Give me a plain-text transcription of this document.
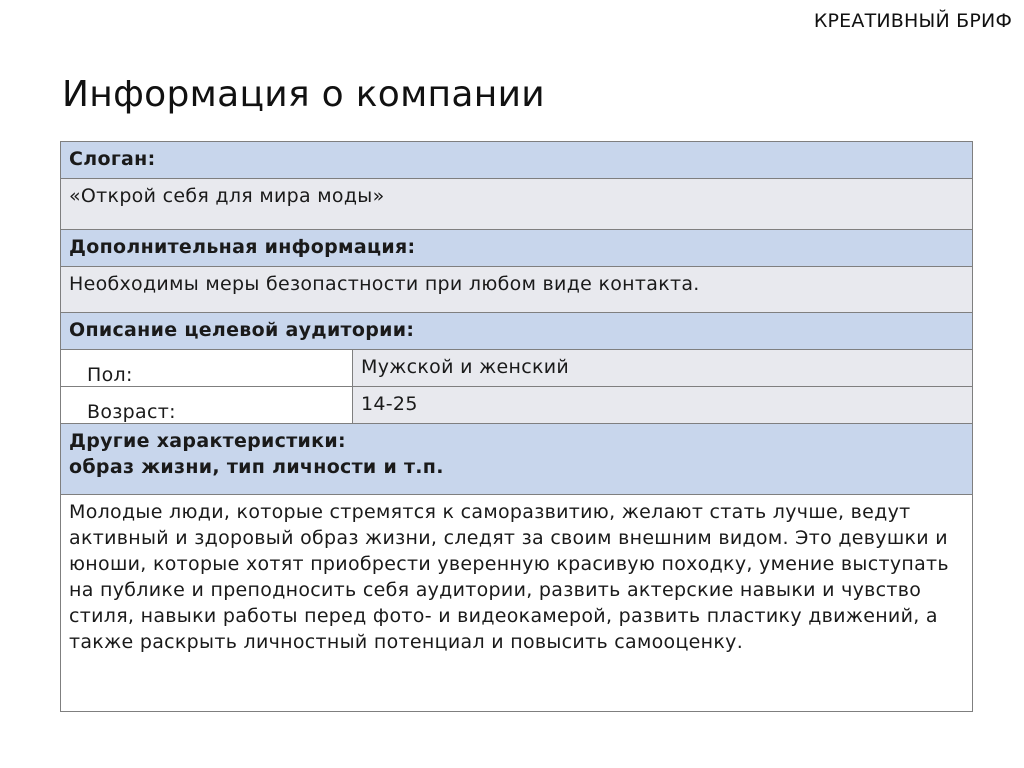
КРЕАТИВНЫЙ БРИФ
Информация о компании
Слоган:	
«Открой себя для мира моды»	
Дополнительная информация:	
Необходимы меры безопастности при любом виде контакта.	
Описание целевой аудитории:	
Пол:	Мужской и женский
Возраст:	14-25

Другие характеристики:
образ жизни, тип личности и т.п.	

Молодые люди, которые стремятся к саморазвитию, желают стать лучше, ведут активный и здоровый образ жизни, следят за своим внешним видом. Это девушки и юноши, которые хотят приобрести уверенную красивую походку, умение выступать на публике и преподносить себя аудитории, развить актерские навыки и чувство стиля, навыки работы перед фото- и видеокамерой, развить пластику движений, а также раскрыть личностный потенциал и повысить самооценку.	
